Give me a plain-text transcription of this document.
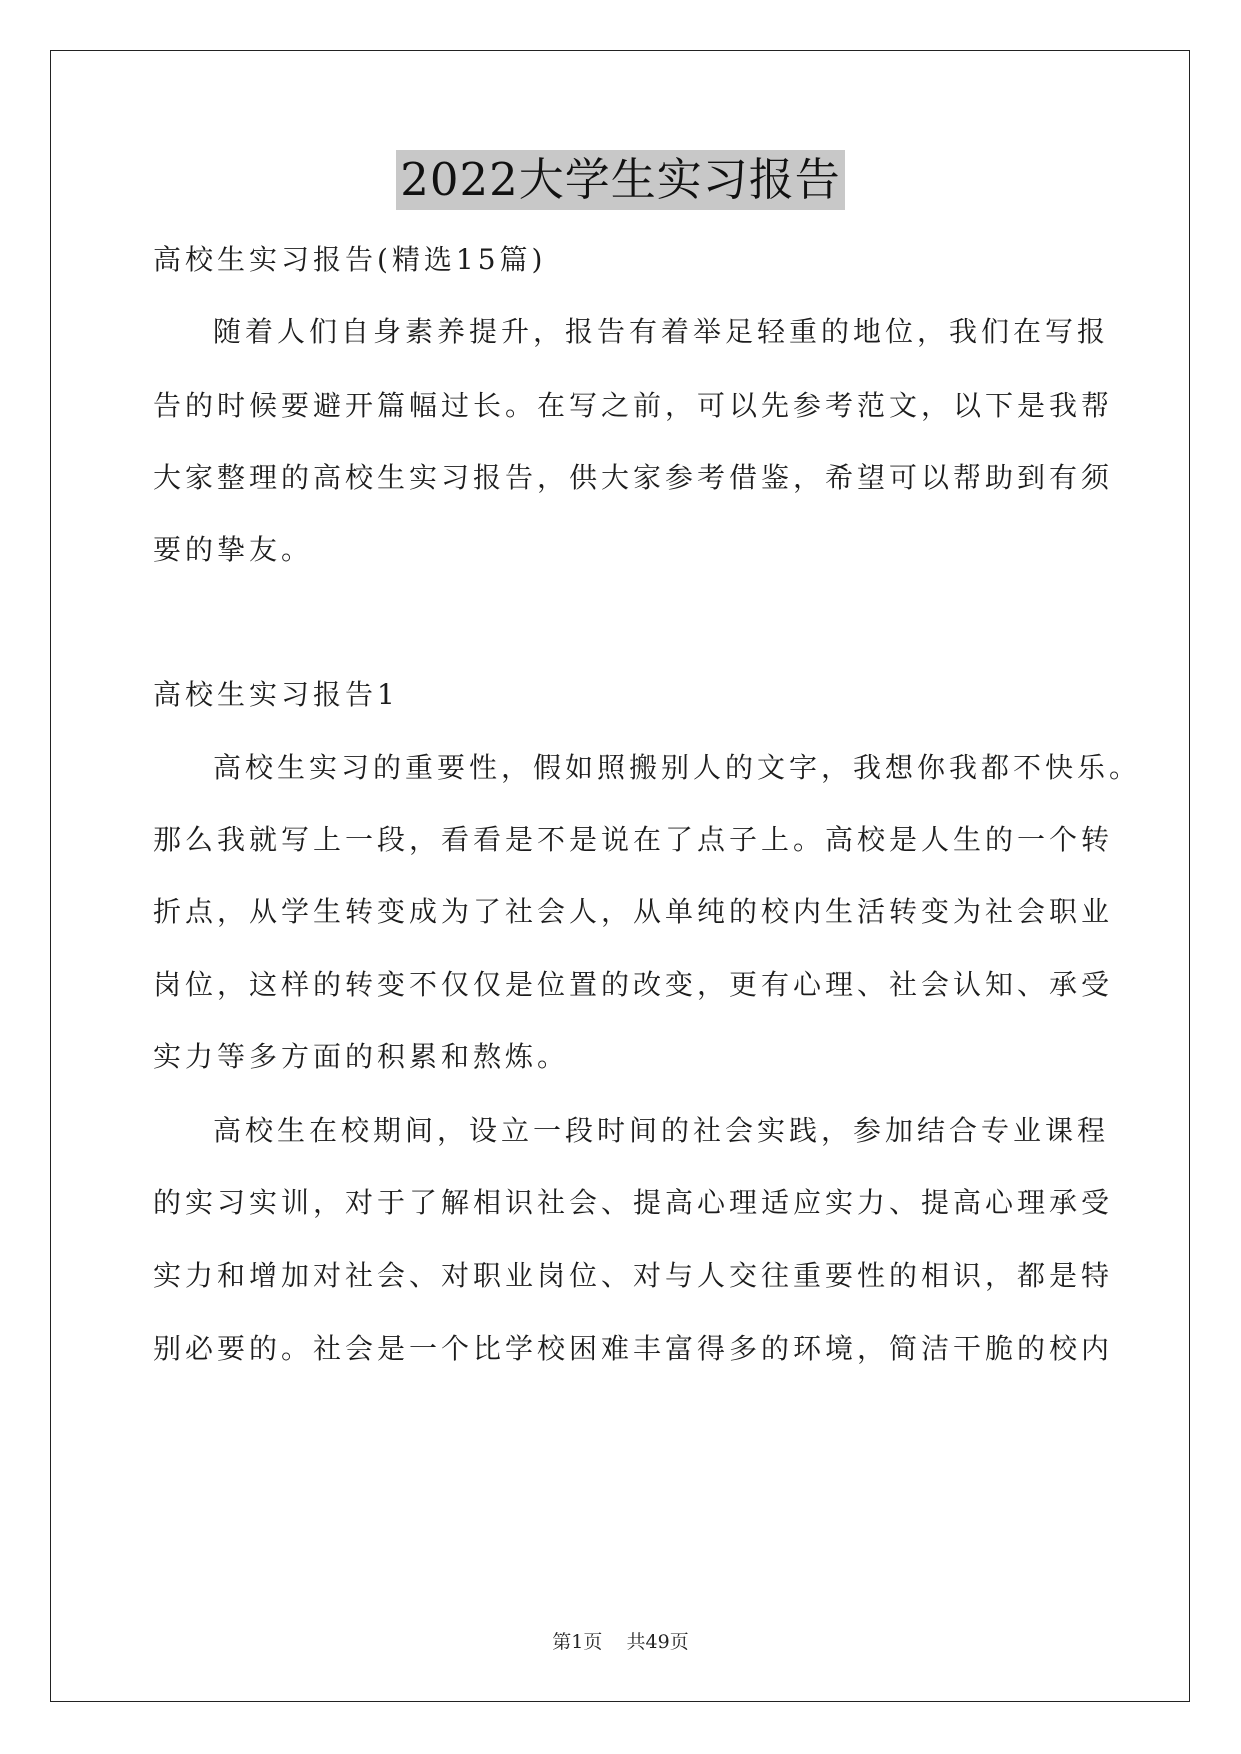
2022大学生实习报告
高校生实习报告(精选15篇)
随着人们自身素养提升，报告有着举足轻重的地位，我们在写报
告的时候要避开篇幅过长。在写之前，可以先参考范文，以下是我帮
大家整理的高校生实习报告，供大家参考借鉴，希望可以帮助到有须
要的挚友。
高校生实习报告1
高校生实习的重要性，假如照搬别人的文字，我想你我都不快乐。
那么我就写上一段，看看是不是说在了点子上。高校是人生的一个转
折点，从学生转变成为了社会人，从单纯的校内生活转变为社会职业
岗位，这样的转变不仅仅是位置的改变，更有心理、社会认知、承受
实力等多方面的积累和熬炼。
高校生在校期间，设立一段时间的社会实践，参加结合专业课程
的实习实训，对于了解相识社会、提高心理适应实力、提高心理承受
实力和增加对社会、对职业岗位、对与人交往重要性的相识，都是特
别必要的。社会是一个比学校困难丰富得多的环境，简洁干脆的校内
第1页 共49页
